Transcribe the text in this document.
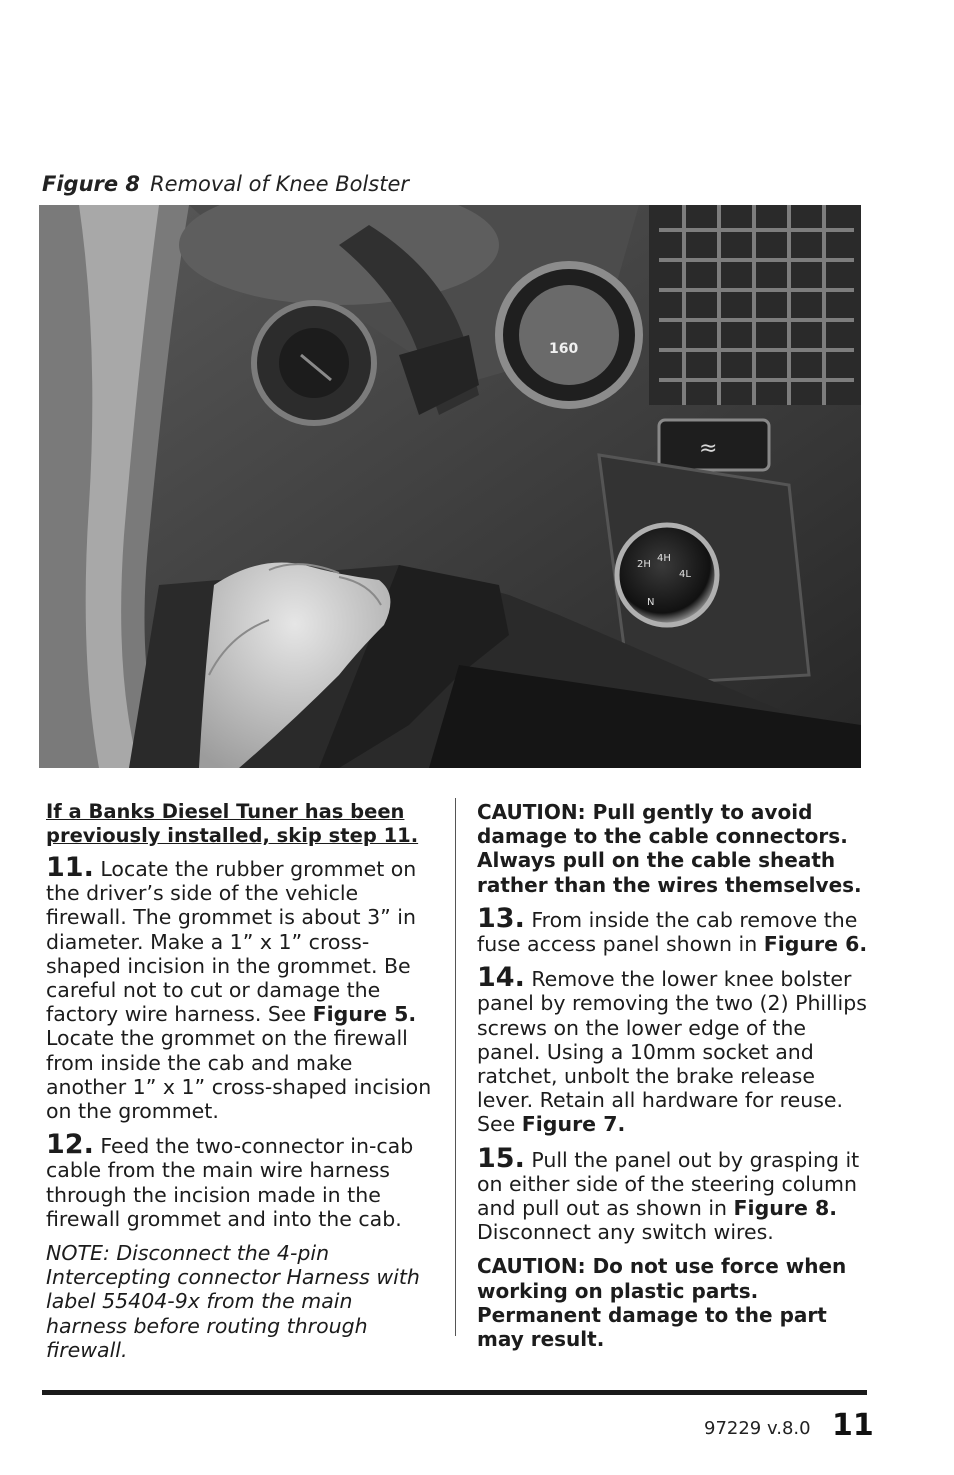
Figure 8 Removal of Knee Bolster
160
≈
2H
4H
4L
N

If a Banks Diesel Tuner has been previously installed, skip step 11.

11. Locate the rubber grommet on the driver’s side of the vehicle firewall. The grommet is about 3” in diameter. Make a 1” x 1” cross-shaped incision in the grommet. Be careful not to cut or damage the factory wire harness. See Figure 5. Locate the grommet on the firewall from inside the cab and make another 1” x 1” cross-shaped incision on the grommet.

12. Feed the two-connector in-cab cable from the main wire harness through the incision made in the firewall grommet and into the cab.

NOTE: Disconnect the 4-pin Intercepting connector Harness with label 55404-9x from the main harness before routing through firewall.

CAUTION: Pull gently to avoid damage to the cable connectors. Always pull on the cable sheath rather than the wires themselves.

13. From inside the cab remove the fuse access panel shown in Figure 6.

14. Remove the lower knee bolster panel by removing the two (2) Phillips screws on the lower edge of the panel. Using a 10mm socket and ratchet, unbolt the brake release lever. Retain all hardware for reuse. See Figure 7.

15. Pull the panel out by grasping it on either side of the steering column and pull out as shown in Figure 8. Disconnect any switch wires.

CAUTION: Do not use force when working on plastic parts. Permanent damage to the part may result.

97229 v.8.0 11
